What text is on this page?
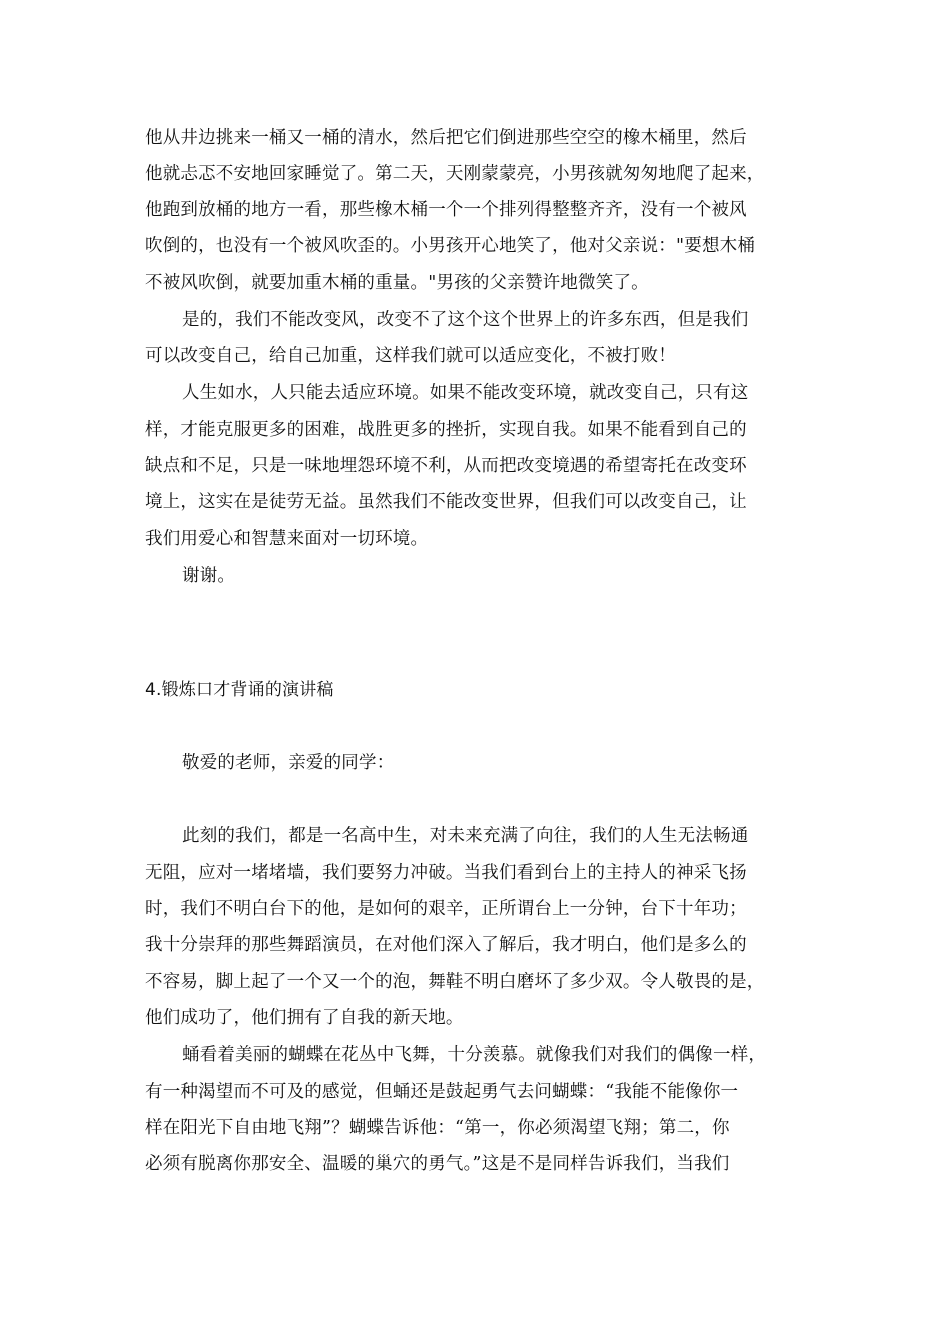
他从井边挑来一桶又一桶的清水，然后把它们倒进那些空空的橡木桶里，然后
他就忐忑不安地回家睡觉了。第二天，天刚蒙蒙亮，小男孩就匆匆地爬了起来，
他跑到放桶的地方一看，那些橡木桶一个一个排列得整整齐齐，没有一个被风
吹倒的，也没有一个被风吹歪的。小男孩开心地笑了，他对父亲说："要想木桶
不被风吹倒，就要加重木桶的重量。"男孩的父亲赞许地微笑了。
是的，我们不能改变风，改变不了这个这个世界上的许多东西，但是我们
可以改变自己，给自己加重，这样我们就可以适应变化，不被打败！
人生如水，人只能去适应环境。如果不能改变环境，就改变自己，只有这
样，才能克服更多的困难，战胜更多的挫折，实现自我。如果不能看到自己的
缺点和不足，只是一味地埋怨环境不利，从而把改变境遇的希望寄托在改变环
境上，这实在是徒劳无益。虽然我们不能改变世界，但我们可以改变自己，让
我们用爱心和智慧来面对一切环境。
谢谢。
4.锻炼口才背诵的演讲稿
敬爱的老师，亲爱的同学：
此刻的我们，都是一名高中生，对未来充满了向往，我们的人生无法畅通
无阻，应对一堵堵墙，我们要努力冲破。当我们看到台上的主持人的神采飞扬
时，我们不明白台下的他，是如何的艰辛，正所谓台上一分钟，台下十年功；
我十分崇拜的那些舞蹈演员，在对他们深入了解后，我才明白，他们是多么的
不容易，脚上起了一个又一个的泡，舞鞋不明白磨坏了多少双。令人敬畏的是，
他们成功了，他们拥有了自我的新天地。
蛹看着美丽的蝴蝶在花丛中飞舞，十分羡慕。就像我们对我们的偶像一样，
有一种渴望而不可及的感觉，但蛹还是鼓起勇气去问蝴蝶：“我能不能像你一
样在阳光下自由地飞翔”？蝴蝶告诉他：“第一，你必须渴望飞翔；第二，你
必须有脱离你那安全、温暖的巢穴的勇气。”这是不是同样告诉我们，当我们
